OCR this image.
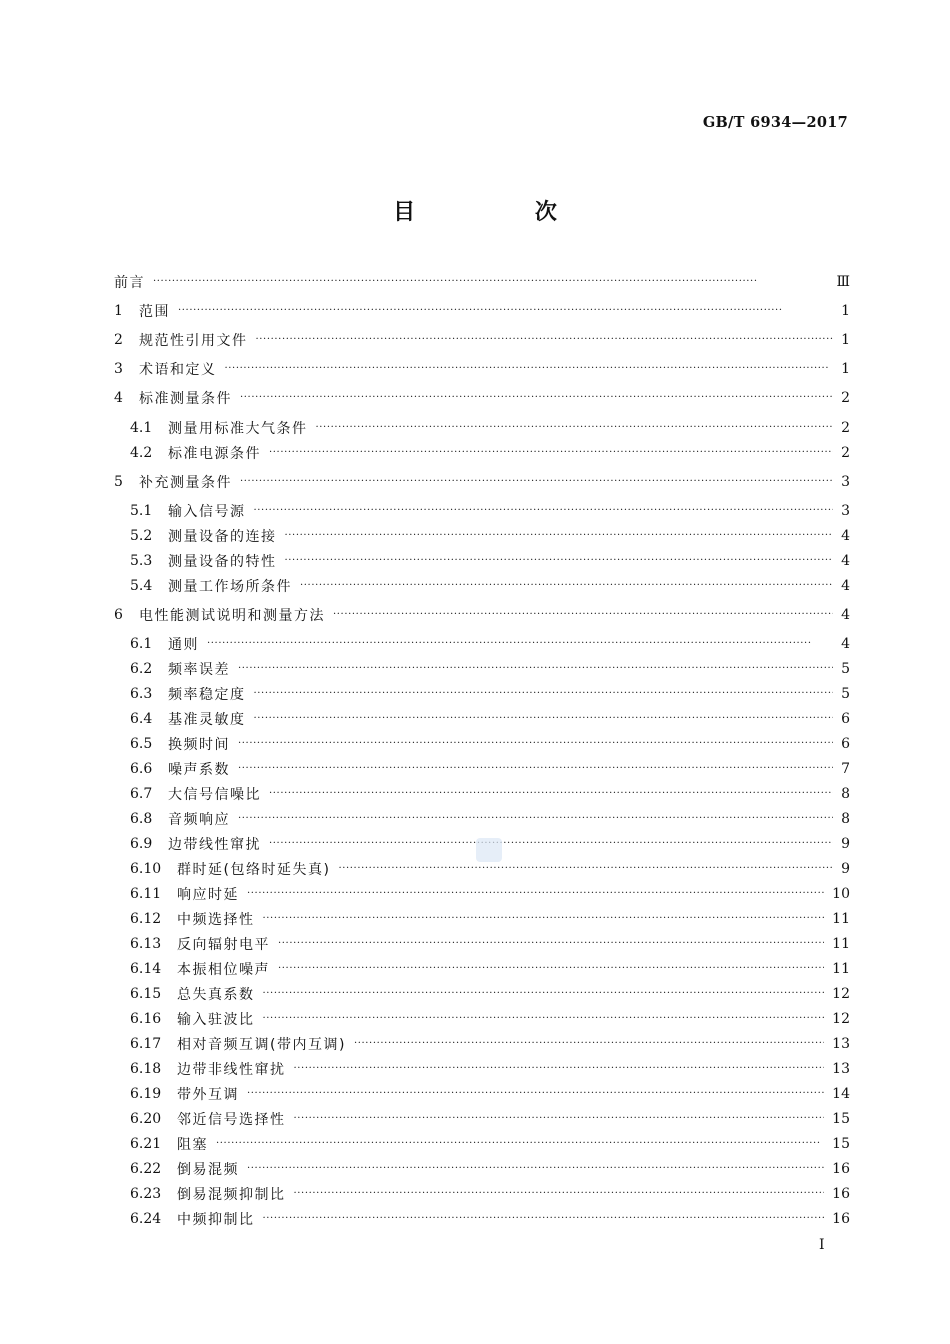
GB/T 6934—2017
目 次
前言 ·····	Ⅲ
1	范围 ·····	1
2	规范性引用文件 ·····	1
3	术语和定义 ·····	1
4	标准测量条件 ·····	2
4.1	测量用标准大气条件 ·····	2
4.2	标准电源条件 ·····	2
5	补充测量条件 ·····	3
5.1	输入信号源 ·····	3
5.2	测量设备的连接 ·····	4
5.3	测量设备的特性 ·····	4
5.4	测量工作场所条件 ·····	4
6	电性能测试说明和测量方法 ·····	4
6.1	通则 ·····	4
6.2	频率误差 ·····	5
6.3	频率稳定度 ·····	5
6.4	基准灵敏度 ·····	6
6.5	换频时间 ·····	6
6.6	噪声系数 ·····	7
6.7	大信号信噪比 ·····	8
6.8	音频响应 ·····	8
6.9	边带线性窜扰 ·····	9
6.10	群时延(包络时延失真) ·····	9
6.11	响应时延 ·····	10
6.12	中频选择性 ·····	11
6.13	反向辐射电平 ·····	11
6.14	本振相位噪声 ·····	11
6.15	总失真系数 ·····	12
6.16	输入驻波比 ·····	12
6.17	相对音频互调(带内互调) ·····	13
6.18	边带非线性窜扰 ·····	13
6.19	带外互调 ·····	14
6.20	邻近信号选择性 ·····	15
6.21	阻塞 ·····	15
6.22	倒易混频 ·····	16
6.23	倒易混频抑制比 ·····	16
6.24	中频抑制比 ·····	16
I
